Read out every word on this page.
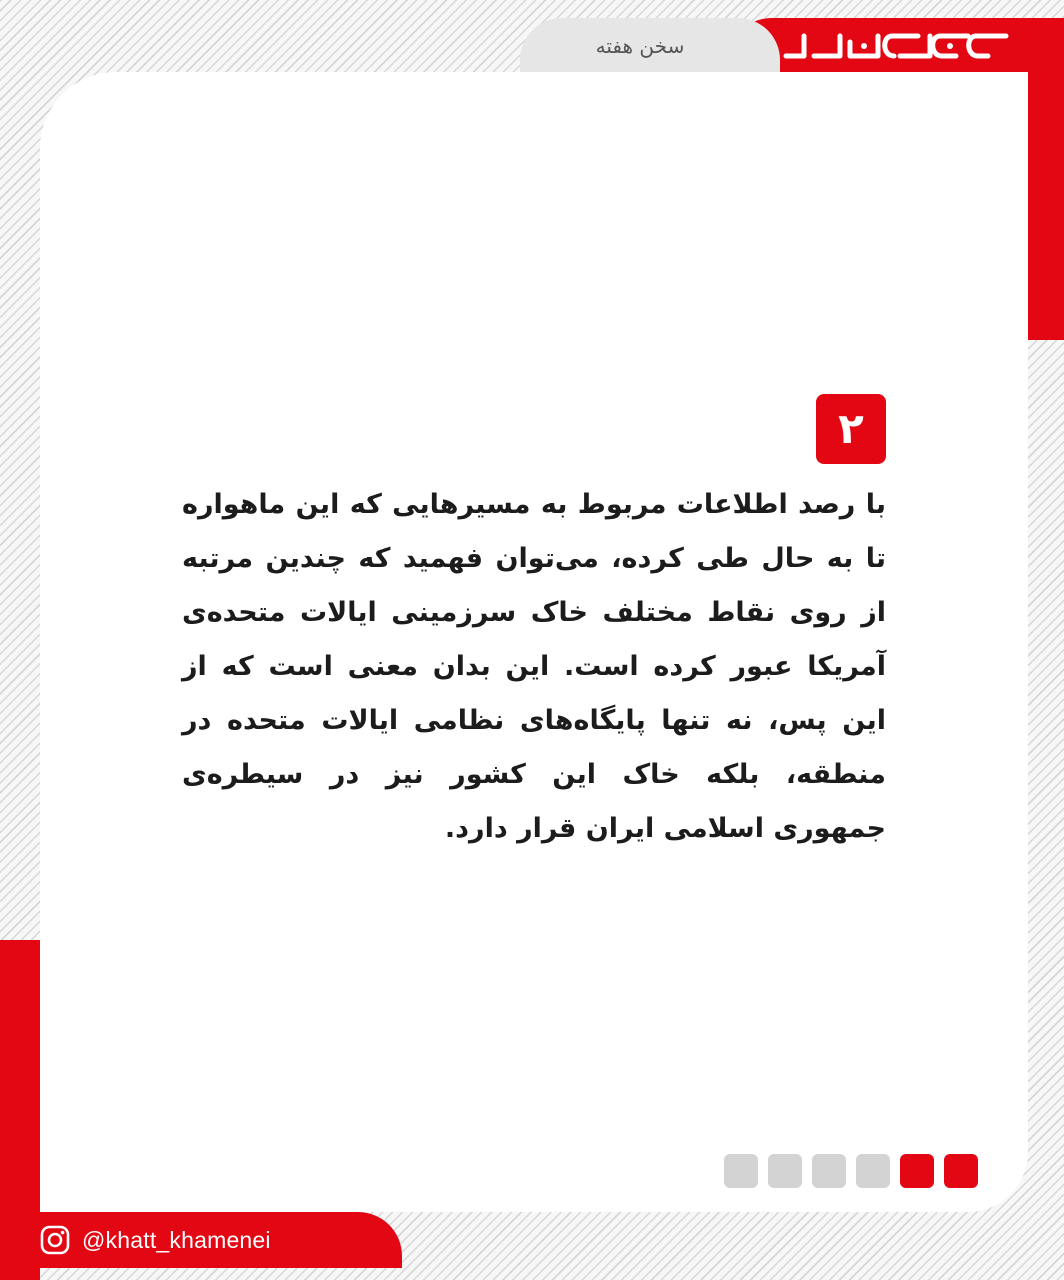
سخن هفته
۲

با رصد اطلاعات مربوط به مسیرهایی که این ماهواره تا به حال طی کرده، می‌توان فهمید که چندین مرتبه از روی نقاط مختلف خاک سرزمینی ایالات متحده‌ی آمریکا عبور کرده است. این بدان معنی است که از این پس، نه تنها پایگاه‌های نظامی ایالات متحده در منطقه، بلکه خاک این کشور نیز در سیطره‌ی جمهوری اسلامی ایران قرار دارد.

@khatt_khamenei
